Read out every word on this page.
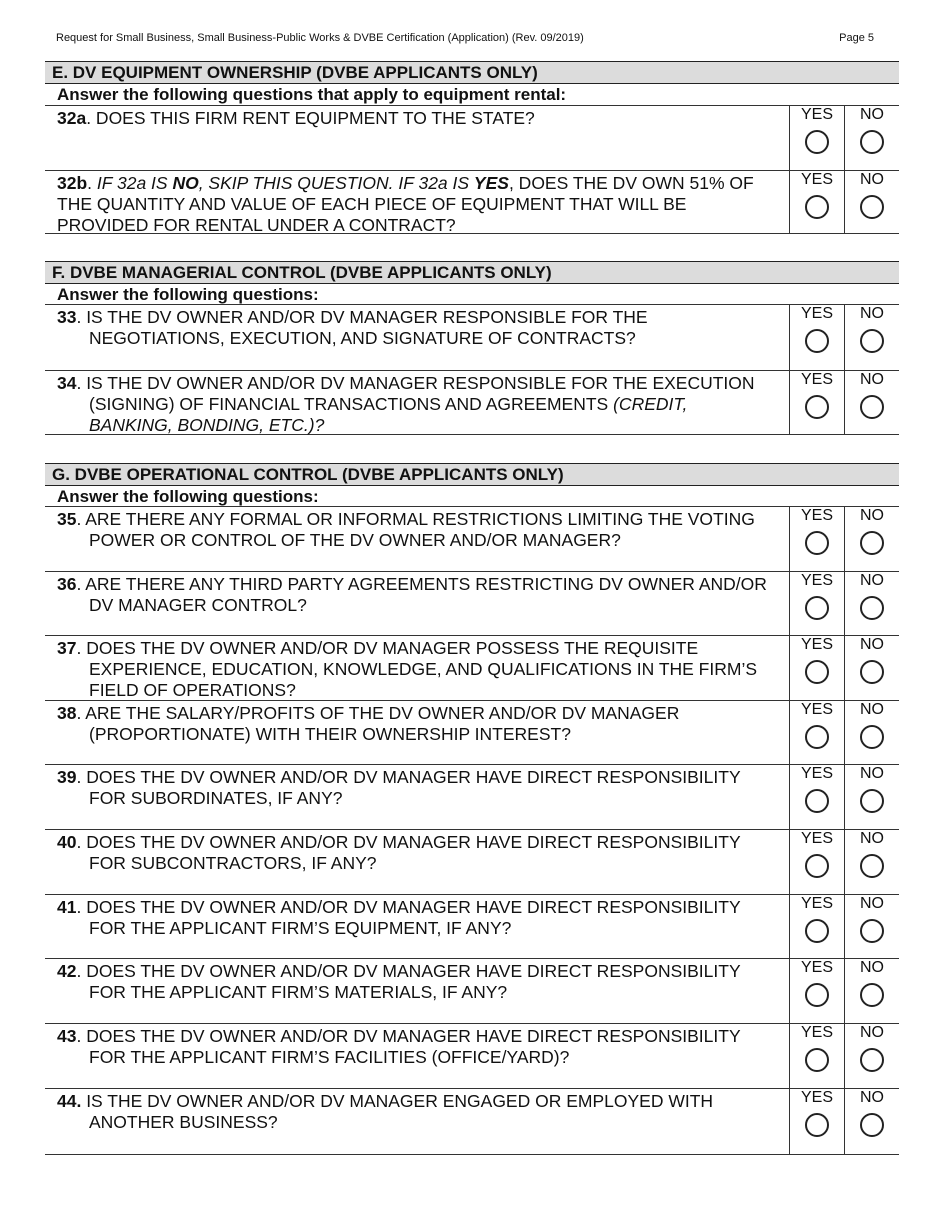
Request for Small Business, Small Business-Public Works & DVBE Certification (Application) (Rev. 09/2019)	Page 5
E. DV EQUIPMENT OWNERSHIP (DVBE APPLICANTS ONLY)
Answer the following questions that apply to equipment rental:
32a. DOES THIS FIRM RENT EQUIPMENT TO THE STATE?	YES	NO
32b. IF 32a IS NO, SKIP THIS QUESTION. IF 32a IS YES, DOES THE DV OWN 51% OF THE QUANTITY AND VALUE OF EACH PIECE OF EQUIPMENT THAT WILL BE PROVIDED FOR RENTAL UNDER A CONTRACT?
YES	NO
F. DVBE MANAGERIAL CONTROL (DVBE APPLICANTS ONLY)
Answer the following questions:
33. IS THE DV OWNER AND/OR DV MANAGER RESPONSIBLE FOR THE NEGOTIATIONS, EXECUTION, AND SIGNATURE OF CONTRACTS?
YES	NO
34. IS THE DV OWNER AND/OR DV MANAGER RESPONSIBLE FOR THE EXECUTION (SIGNING) OF FINANCIAL TRANSACTIONS AND AGREEMENTS (CREDIT, BANKING, BONDING, ETC.)?
YES	NO
G. DVBE OPERATIONAL CONTROL (DVBE APPLICANTS ONLY)
Answer the following questions:
35. ARE THERE ANY FORMAL OR INFORMAL RESTRICTIONS LIMITING THE VOTING POWER OR CONTROL OF THE DV OWNER AND/OR MANAGER?
YES	NO
36. ARE THERE ANY THIRD PARTY AGREEMENTS RESTRICTING DV OWNER AND/OR DV MANAGER CONTROL?
YES	NO
37. DOES THE DV OWNER AND/OR DV MANAGER POSSESS THE REQUISITE EXPERIENCE, EDUCATION, KNOWLEDGE, AND QUALIFICATIONS IN THE FIRM’S FIELD OF OPERATIONS?
YES	NO
38. ARE THE SALARY/PROFITS OF THE DV OWNER AND/OR DV MANAGER (PROPORTIONATE) WITH THEIR OWNERSHIP INTEREST?
YES	NO
39. DOES THE DV OWNER AND/OR DV MANAGER HAVE DIRECT RESPONSIBILITY FOR SUBORDINATES, IF ANY?
YES	NO
40. DOES THE DV OWNER AND/OR DV MANAGER HAVE DIRECT RESPONSIBILITY FOR SUBCONTRACTORS, IF ANY?
YES	NO
41. DOES THE DV OWNER AND/OR DV MANAGER HAVE DIRECT RESPONSIBILITY FOR THE APPLICANT FIRM’S EQUIPMENT, IF ANY?
YES	NO
42. DOES THE DV OWNER AND/OR DV MANAGER HAVE DIRECT RESPONSIBILITY FOR THE APPLICANT FIRM’S MATERIALS, IF ANY?
YES	NO
43. DOES THE DV OWNER AND/OR DV MANAGER HAVE DIRECT RESPONSIBILITY FOR THE APPLICANT FIRM’S FACILITIES (OFFICE/YARD)?
YES	NO
44. IS THE DV OWNER AND/OR DV MANAGER ENGAGED OR EMPLOYED WITH ANOTHER BUSINESS?
YES	NO
